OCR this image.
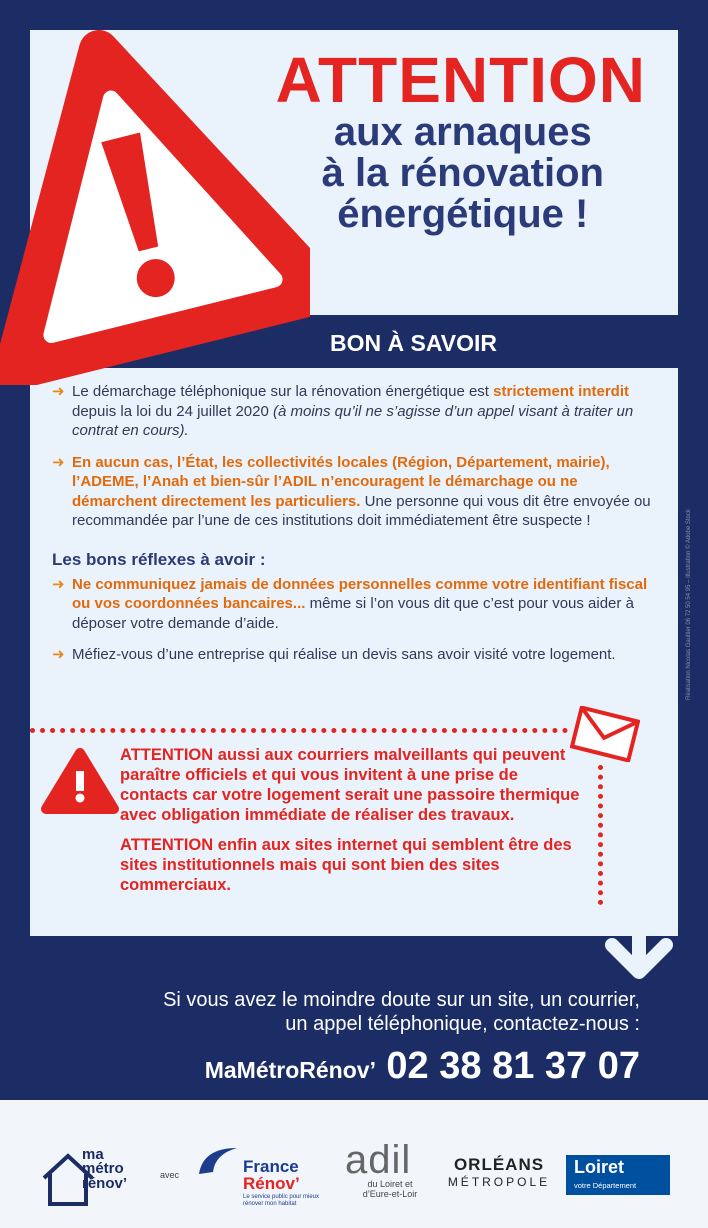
ATTENTION
aux arnaques
à la rénovation
énergétique !
BON À SAVOIR
➜ Le démarchage téléphonique sur la rénovation énergétique est strictement interdit depuis la loi du 24 juillet 2020 (à moins qu’il ne s’agisse d’un appel visant à traiter un contrat en cours).
➜ En aucun cas, l’État, les collectivités locales (Région, Département, mairie), l’ADEME, l’Anah et bien-sûr l’ADIL n’encouragent le démarchage ou ne démarchent directement les particuliers. Une personne qui vous dit être envoyée ou recommandée par l’une de ces institutions doit immédiatement être suspecte !
Les bons réflexes à avoir :
➜ Ne communiquez jamais de données personnelles comme votre identifiant fiscal ou vos coordonnées bancaires... même si l’on vous dit que c’est pour vous aider à déposer votre demande d’aide.
➜ Méfiez-vous d’une entreprise qui réalise un devis sans avoir visité votre logement.

ATTENTION aussi aux courriers malveillants qui peuvent paraître officiels et qui vous invitent à une prise de contacts car votre logement serait une passoire thermique avec obligation immédiate de réaliser des travaux.

ATTENTION enfin aux sites internet qui semblent être des sites institutionnels mais qui sont bien des sites commerciaux.

Si vous avez le moindre doute sur un site, un courrier,
un appel téléphonique, contactez-nous :
MaMétroRénov’ 02 38 81 37 07
Réalisation Nicolas Gaultier 06 72 50 54 95 – Illustration © Adobe Stock
ma
métro
rénov’	avec	France
Rénov’
Le service public pour mieux rénover mon habitat
adil
du Loiret et
d’Eure-et-Loir
ORLÉANS
MÉTROPOLE
Loiret
votre Département
